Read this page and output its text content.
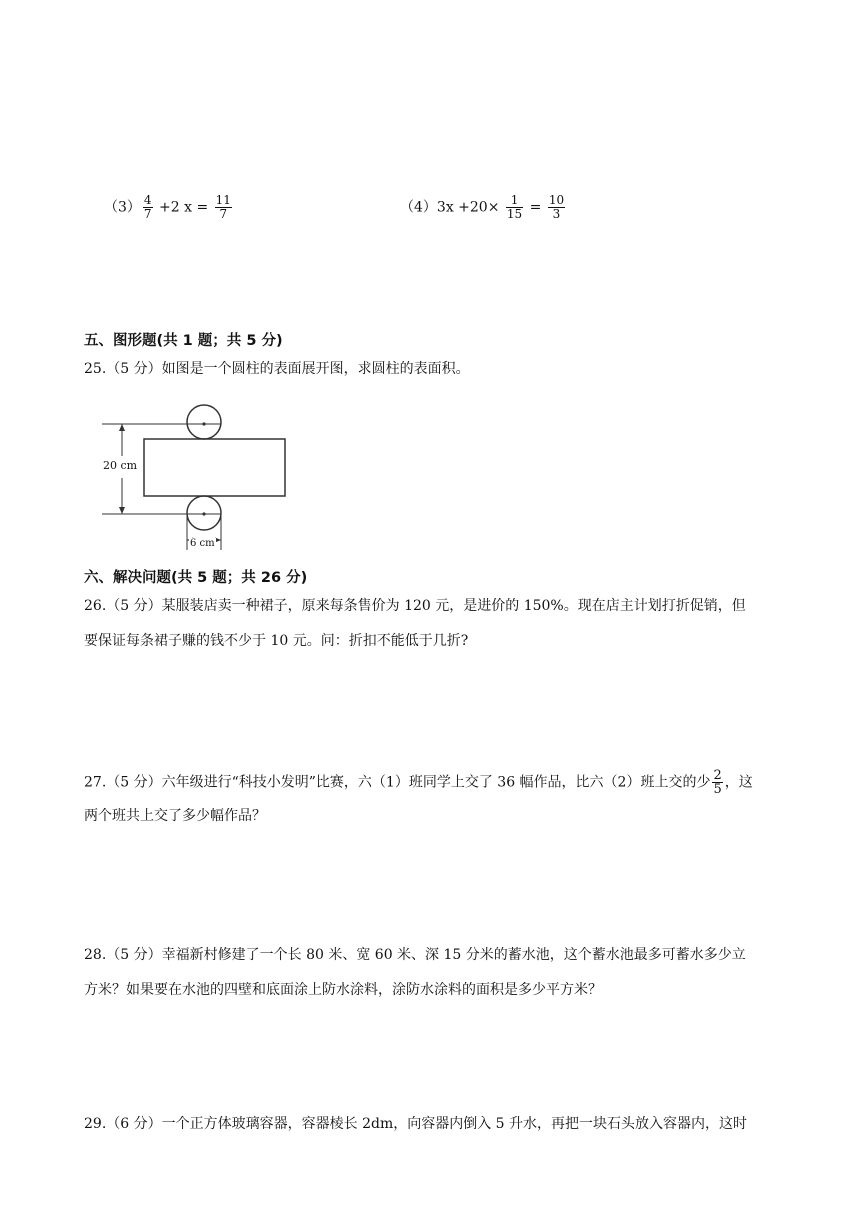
$(3) \frac{4}{7} +2$ $x = \frac{11}{7}$	$(4)3x +20\times \frac{1}{15} = \frac{10}{3}$
五、图形题(共 1 题；共 5 分)
25.（5 分）如图是一个圆柱的表面展开图，求圆柱的表面积。
20 cm
6 cm
六、解决问题(共 5 题；共 26 分)
26.（5 分）某服装店卖一种裙子，原来每条售价为 120 元，是进价的 150%。现在店主计划打折促销，但
要保证每条裙子赚的钱不少于 10 元。问：折扣不能低于几折?
27.（5 分）六年级进行“科技小发明”比赛，六（1）班同学上交了 36 幅作品，比六（2）班上交的少 $\frac{2}{5}$ ，这
两个班共上交了多少幅作品？
28.（5 分）幸福新村修建了一个长 80 米、宽 60 米、深 15 分米的蓄水池，这个蓄水池最多可蓄水多少立
方米？如果要在水池的四壁和底面涂上防水涂料，涂防水涂料的面积是多少平方米？
29.（6 分）一个正方体玻璃容器，容器棱长 2dm，向容器内倒入 5 升水，再把一块石头放入容器内，这时
